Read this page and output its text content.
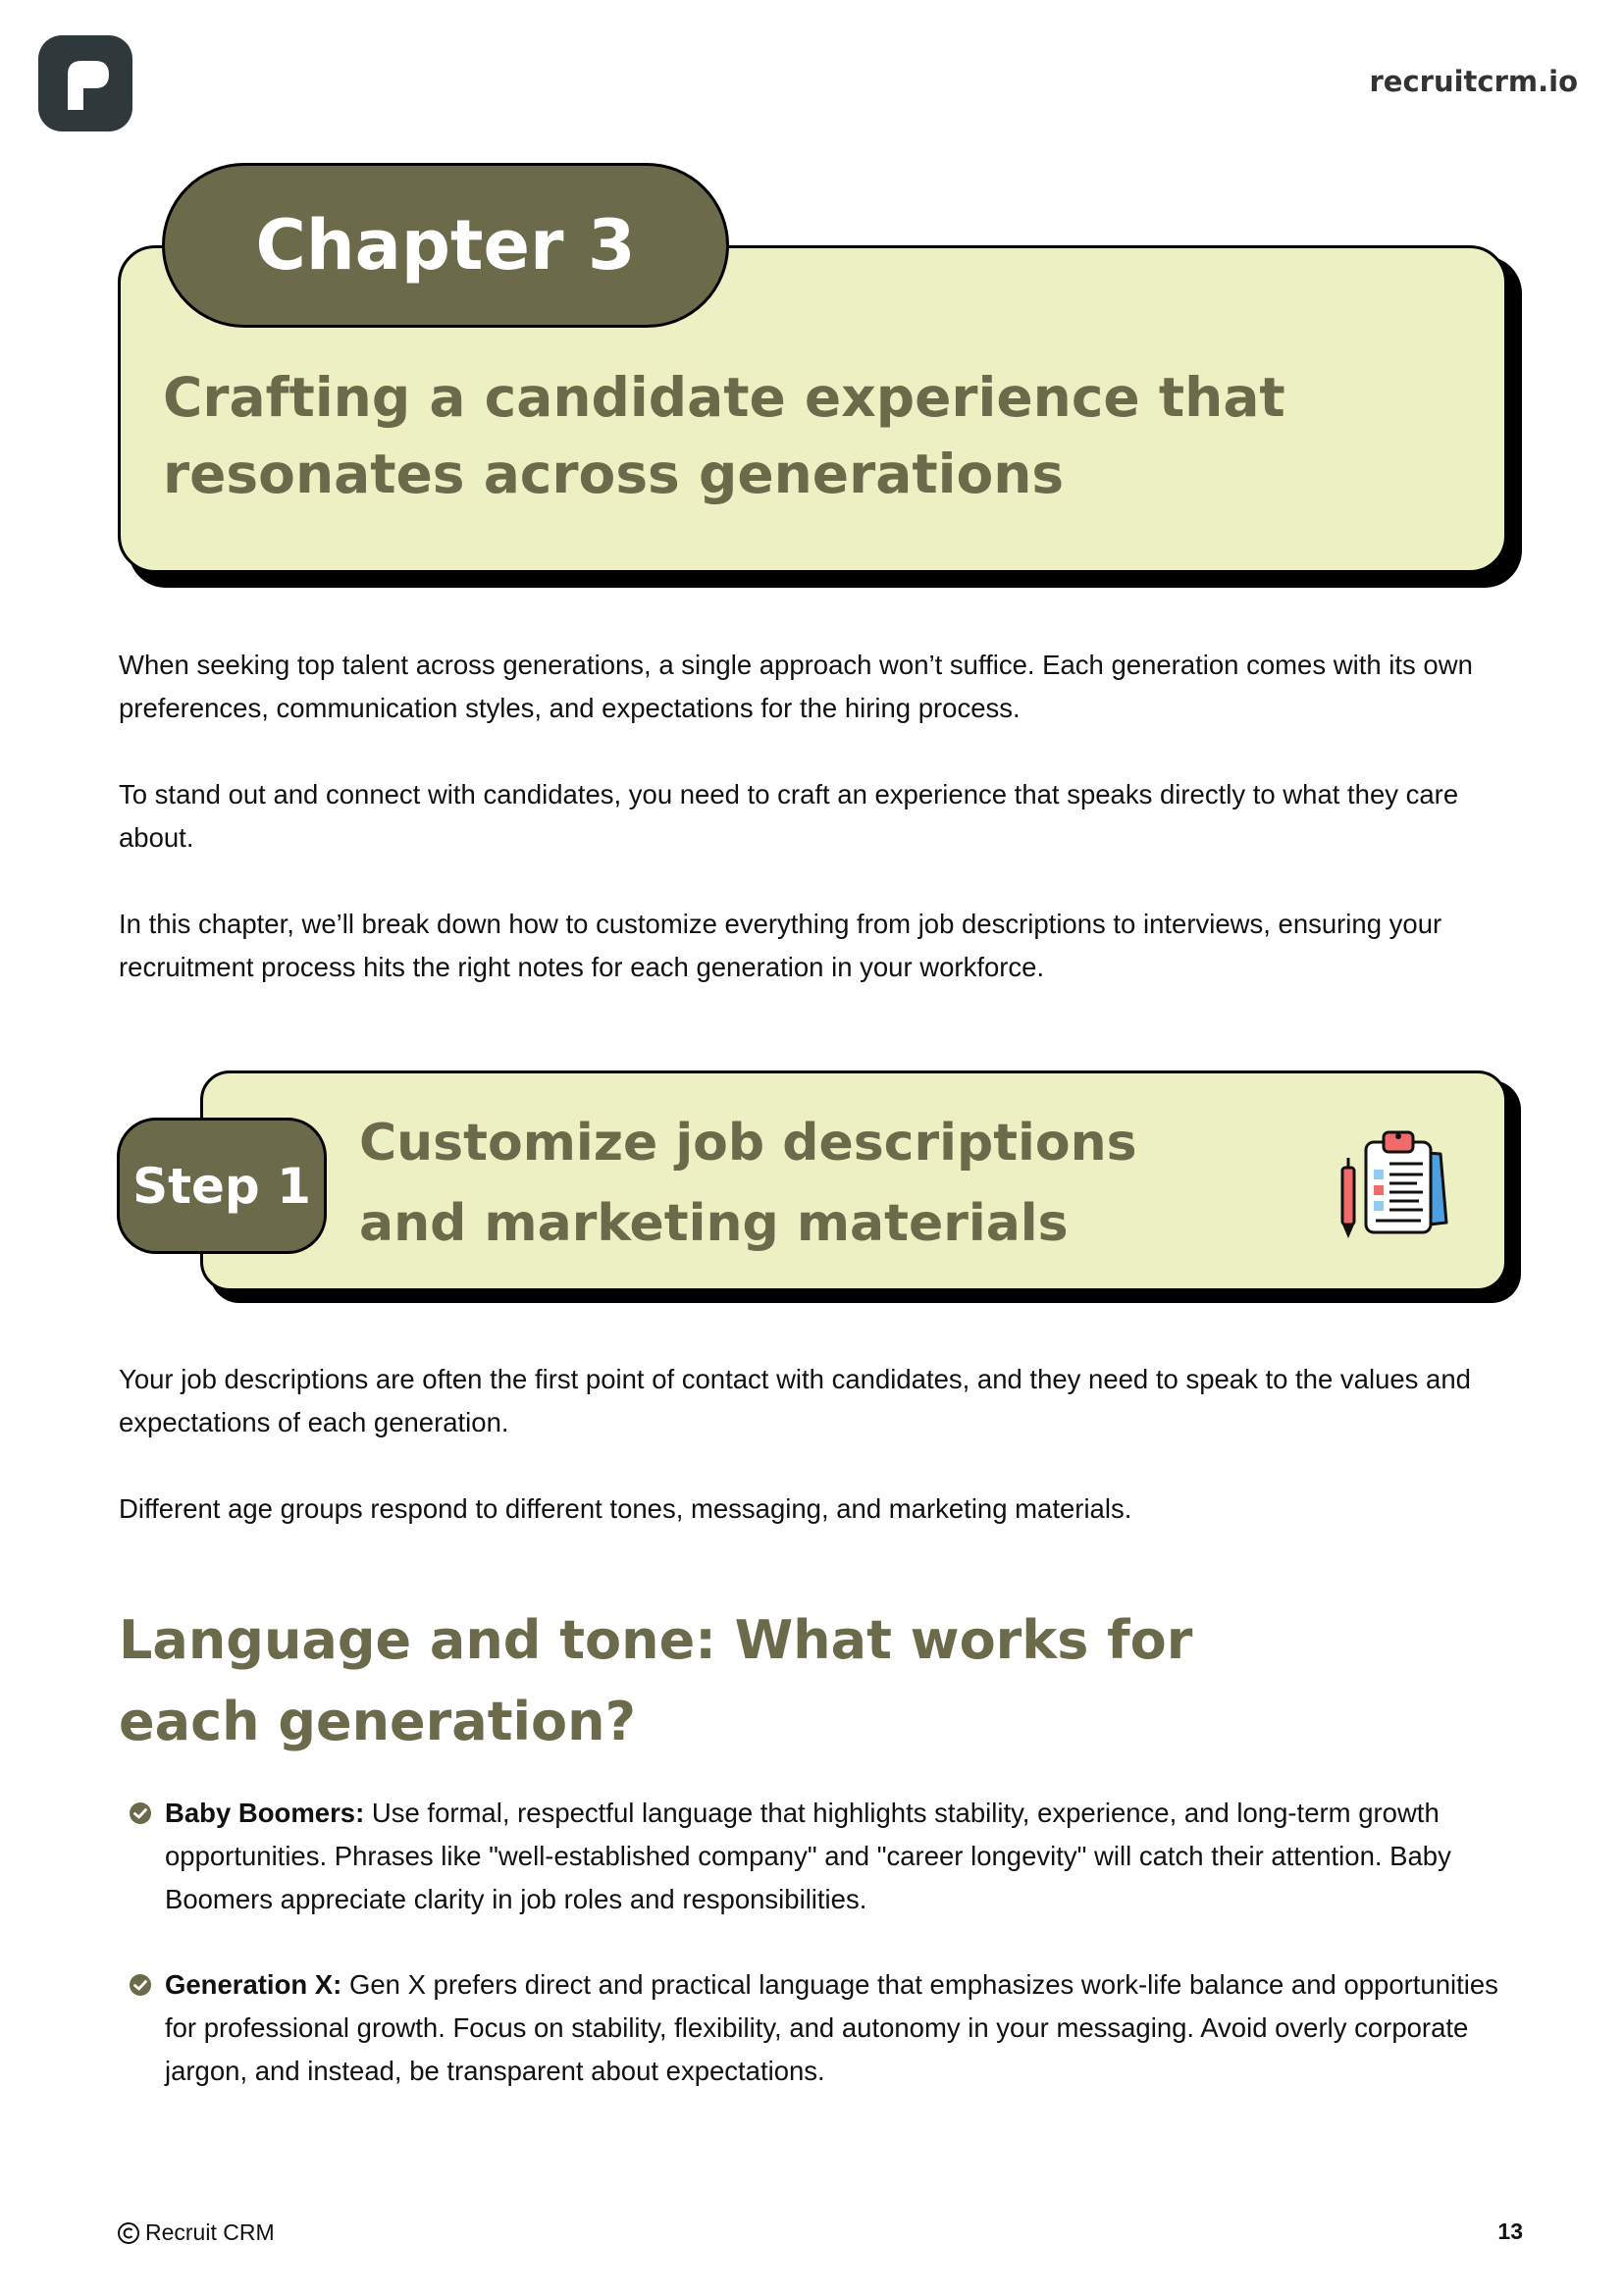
recruitcrm.io
Chapter 3
Crafting a candidate experience that resonates across generations

When seeking top talent across generations, a single approach won’t suffice. Each generation comes with its own preferences, communication styles, and expectations for the hiring process.

To stand out and connect with candidates, you need to craft an experience that speaks directly to what they care about.

In this chapter, we’ll break down how to customize everything from job descriptions to interviews, ensuring your recruitment process hits the right notes for each generation in your workforce.

Step 1
Customize job descriptions and marketing materials

Your job descriptions are often the first point of contact with candidates, and they need to speak to the values and expectations of each generation.

Different age groups respond to different tones, messaging, and marketing materials.

Language and tone: What works for each generation?

Baby Boomers: Use formal, respectful language that highlights stability, experience, and long-term growth opportunities. Phrases like "well-established company" and "career longevity" will catch their attention. Baby Boomers appreciate clarity in job roles and responsibilities.

Generation X: Gen X prefers direct and practical language that emphasizes work-life balance and opportunities for professional growth. Focus on stability, flexibility, and autonomy in your messaging. Avoid overly corporate jargon, and instead, be transparent about expectations.

Recruit CRM	13
